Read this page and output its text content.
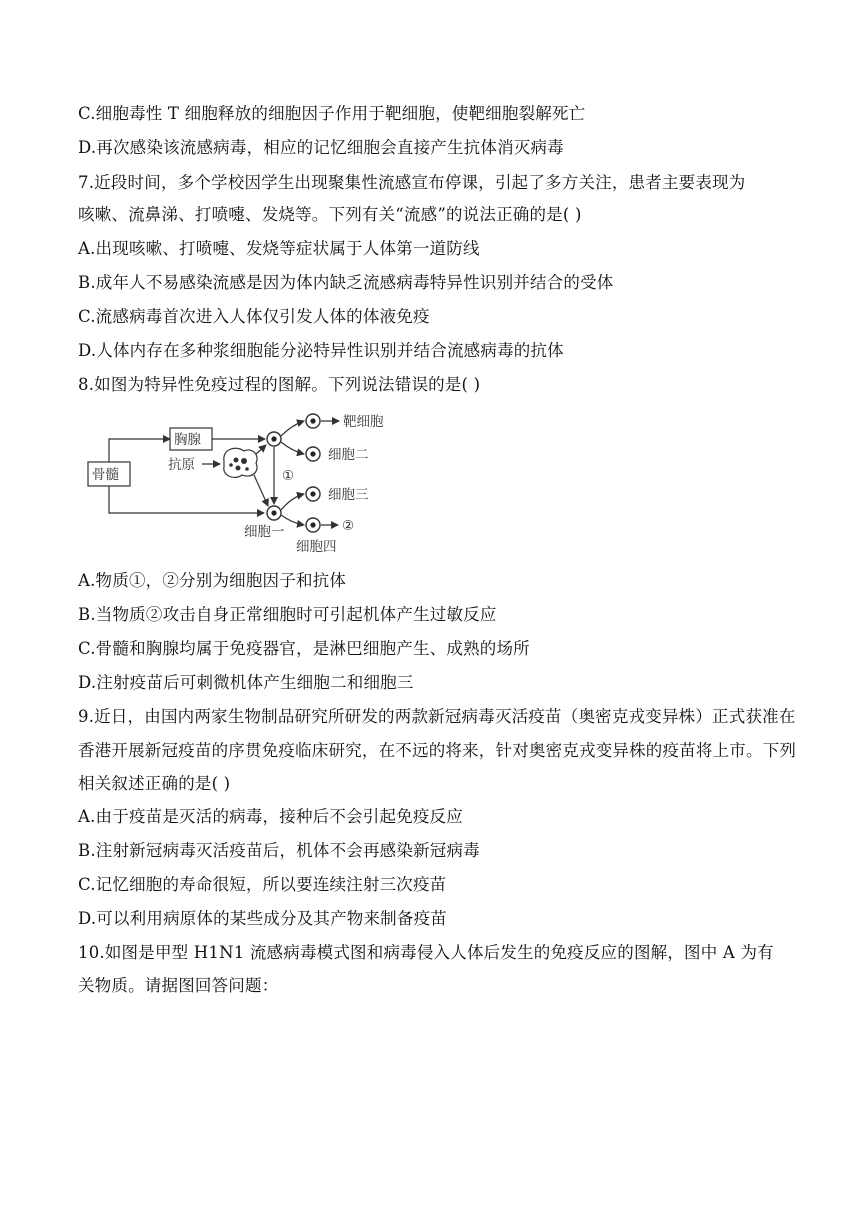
C.细胞毒性 T 细胞释放的细胞因子作用于靶细胞，使靶细胞裂解死亡
D.再次感染该流感病毒，相应的记忆细胞会直接产生抗体消灭病毒
7.近段时间，多个学校因学生出现聚集性流感宣布停课，引起了多方关注，患者主要表现为
咳嗽、流鼻涕、打喷嚏、发烧等。下列有关“流感”的说法正确的是( )
A.出现咳嗽、打喷嚏、发烧等症状属于人体第一道防线
B.成年人不易感染流感是因为体内缺乏流感病毒特异性识别并结合的受体
C.流感病毒首次进入人体仅引发人体的体液免疫
D.人体内存在多种浆细胞能分泌特异性识别并结合流感病毒的抗体
8.如图为特异性免疫过程的图解。下列说法错误的是( )
骨髓
胸腺
抗原
①
靶细胞
细胞二
细胞一
细胞三
②
细胞四
A.物质①，②分别为细胞因子和抗体
B.当物质②攻击自身正常细胞时可引起机体产生过敏反应
C.骨髓和胸腺均属于免疫器官，是淋巴细胞产生、成熟的场所
D.注射疫苗后可刺微机体产生细胞二和细胞三
9.近日，由国内两家生物制品研究所研发的两款新冠病毒灭活疫苗（奥密克戎变异株）正式获准在
香港开展新冠疫苗的序贯免疫临床研究，在不远的将来，针对奥密克戎变异株的疫苗将上市。下列
相关叙述正确的是( )
A.由于疫苗是灭活的病毒，接种后不会引起免疫反应
B.注射新冠病毒灭活疫苗后，机体不会再感染新冠病毒
C.记忆细胞的寿命很短，所以要连续注射三次疫苗
D.可以利用病原体的某些成分及其产物来制备疫苗
10.如图是甲型 H1N1 流感病毒模式图和病毒侵入人体后发生的免疫反应的图解，图中 A 为有
关物质。请据图回答问题：
